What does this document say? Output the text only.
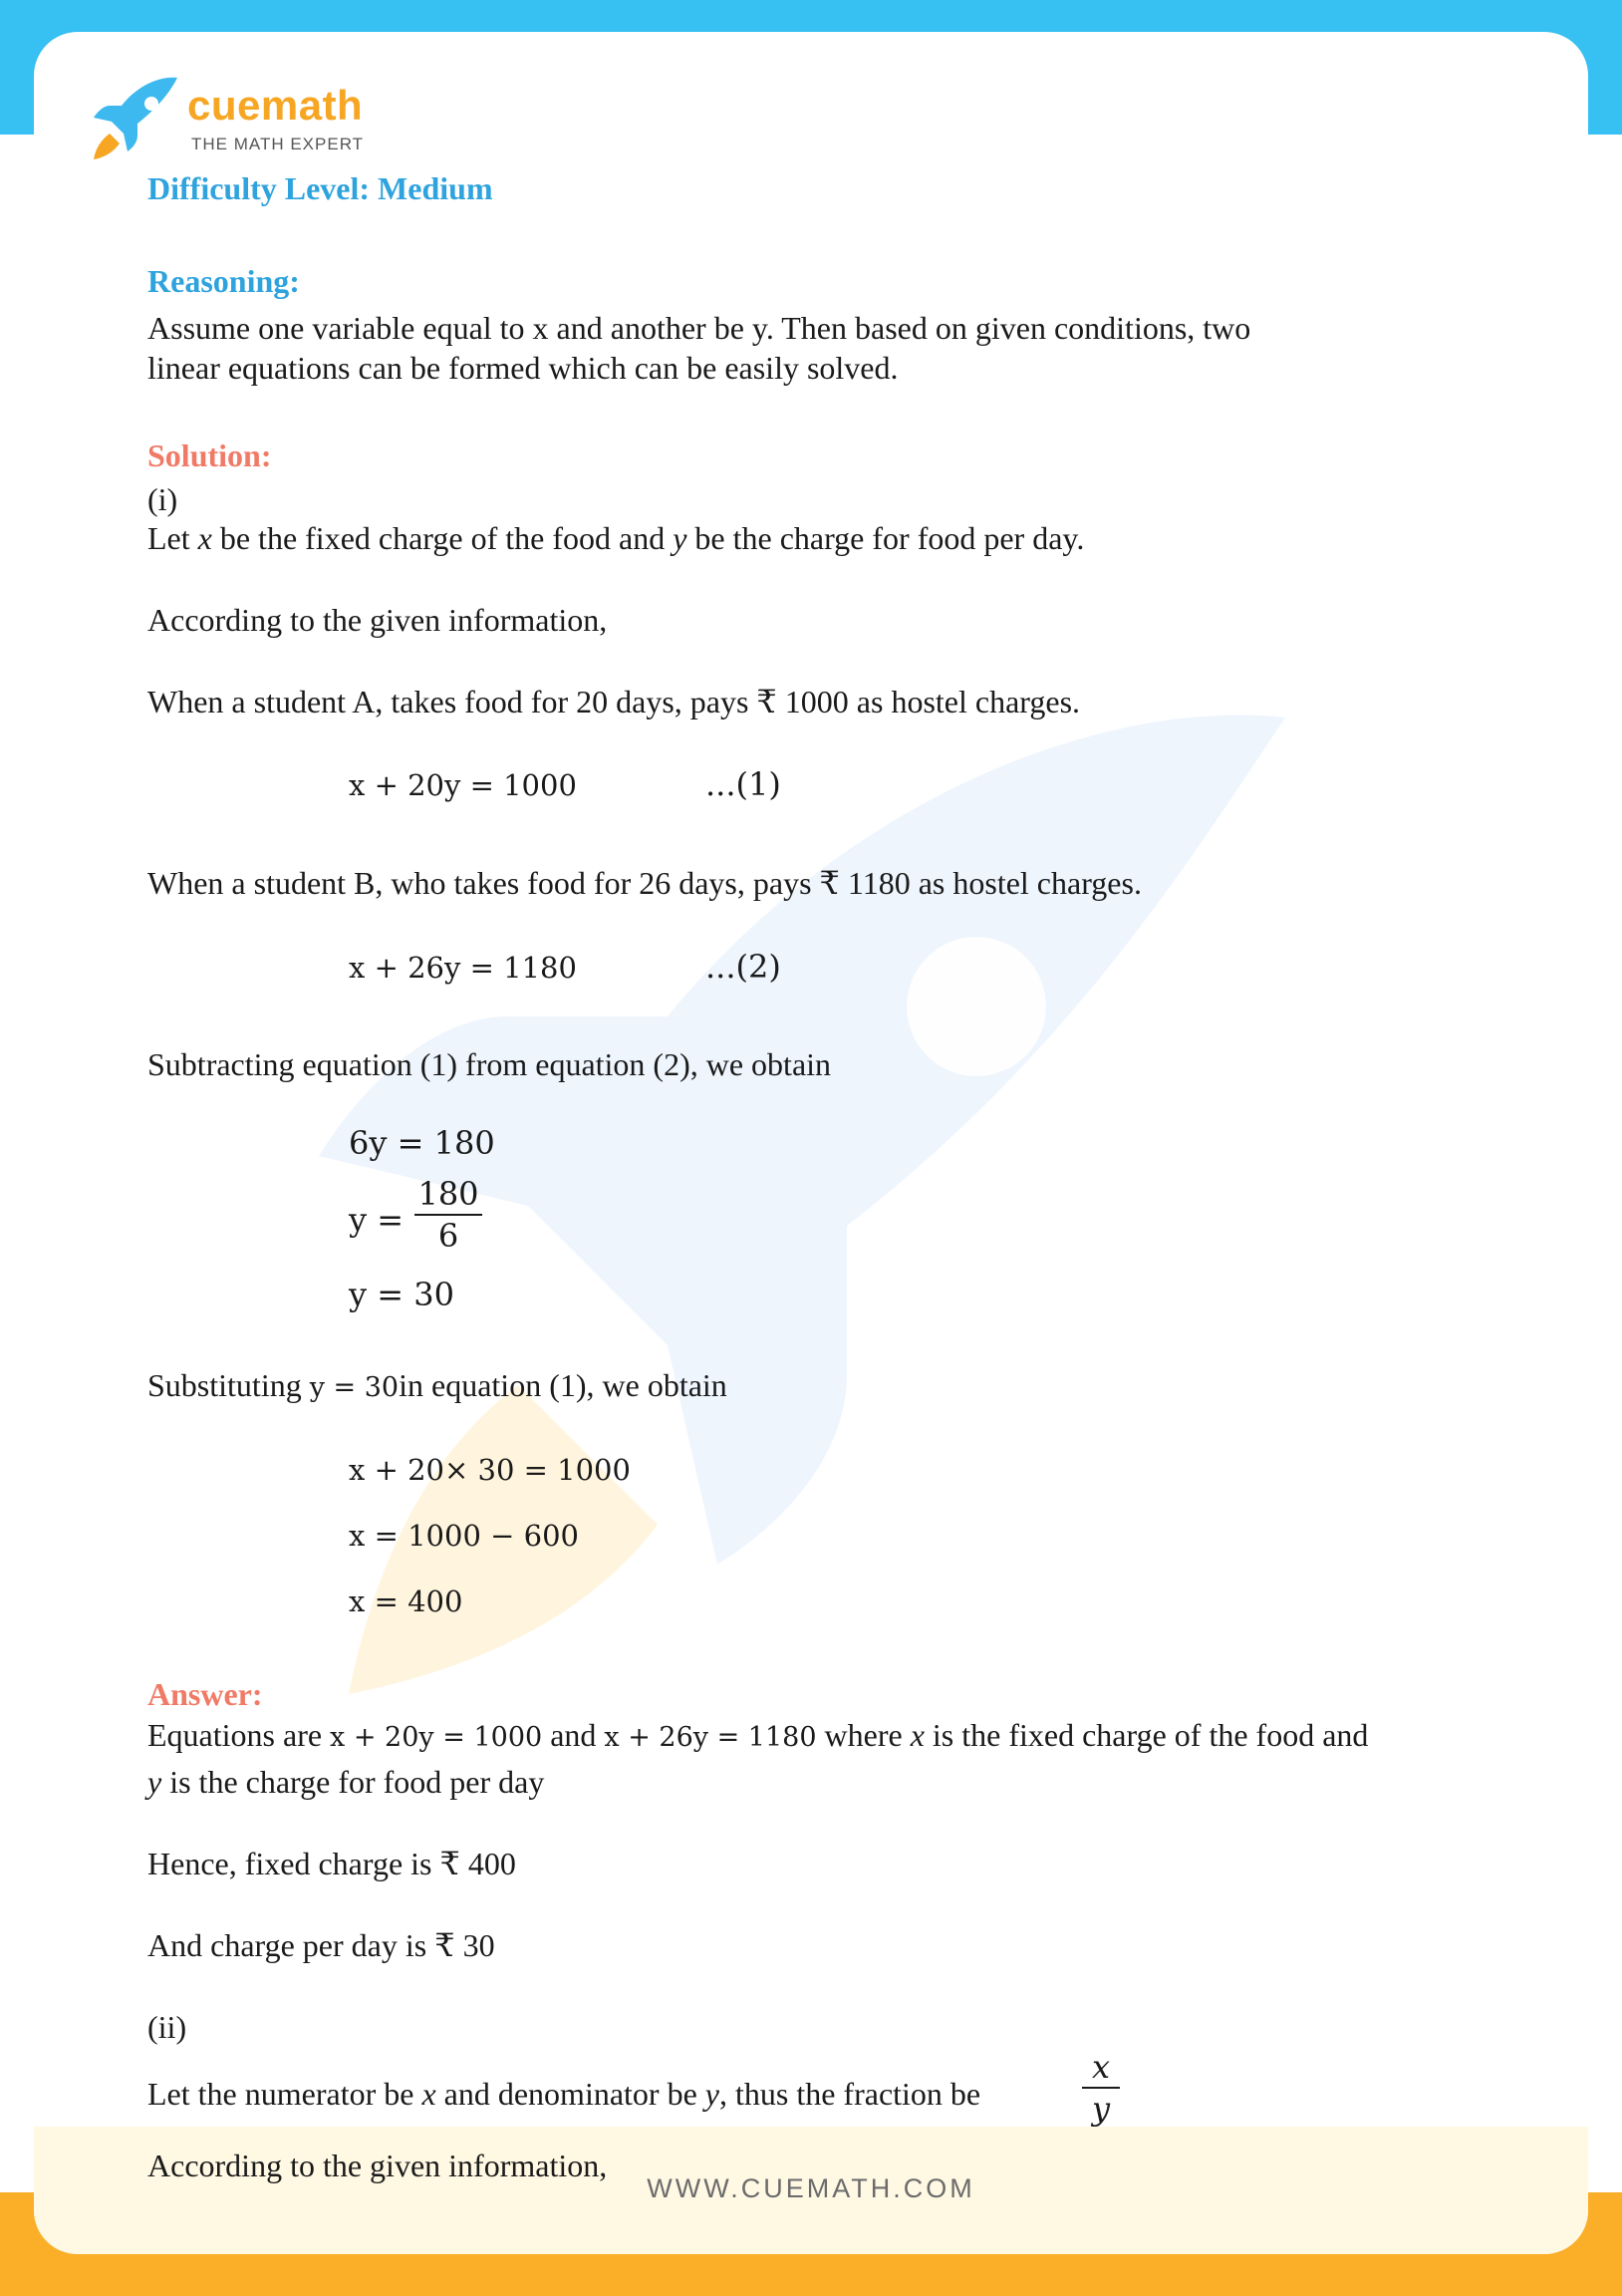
WWW.CUEMATH.COM
cuemath
THE MATH EXPERT
Difficulty Level: Medium
Reasoning:
Assume one variable equal to x and another be y. Then based on given conditions, two
linear equations can be formed which can be easily solved.
Solution:
(i)
Let x be the fixed charge of the food and y be the charge for food per day.
According to the given information,
When a student A, takes food for 20 days, pays ₹ 1000 as hostel charges.
x + 20y = 1000	...(1)
When a student B, who takes food for 26 days, pays ₹ 1180 as hostel charges.
x + 26y = 1180	...(2)
Subtracting equation (1) from equation (2), we obtain
6y = 180
y =
180
6
y = 30
Substituting y = 30in equation (1), we obtain
x + 20× 30 = 1000
x = 1000 − 600
x = 400
Answer:
Equations are x + 20y = 1000 and x + 26y = 1180 where x is the fixed charge of the food and
y is the charge for food per day
Hence, fixed charge is ₹ 400
And charge per day is ₹ 30
(ii)
Let the numerator be x and denominator be y, thus the fraction be
x
y
According to the given information,
